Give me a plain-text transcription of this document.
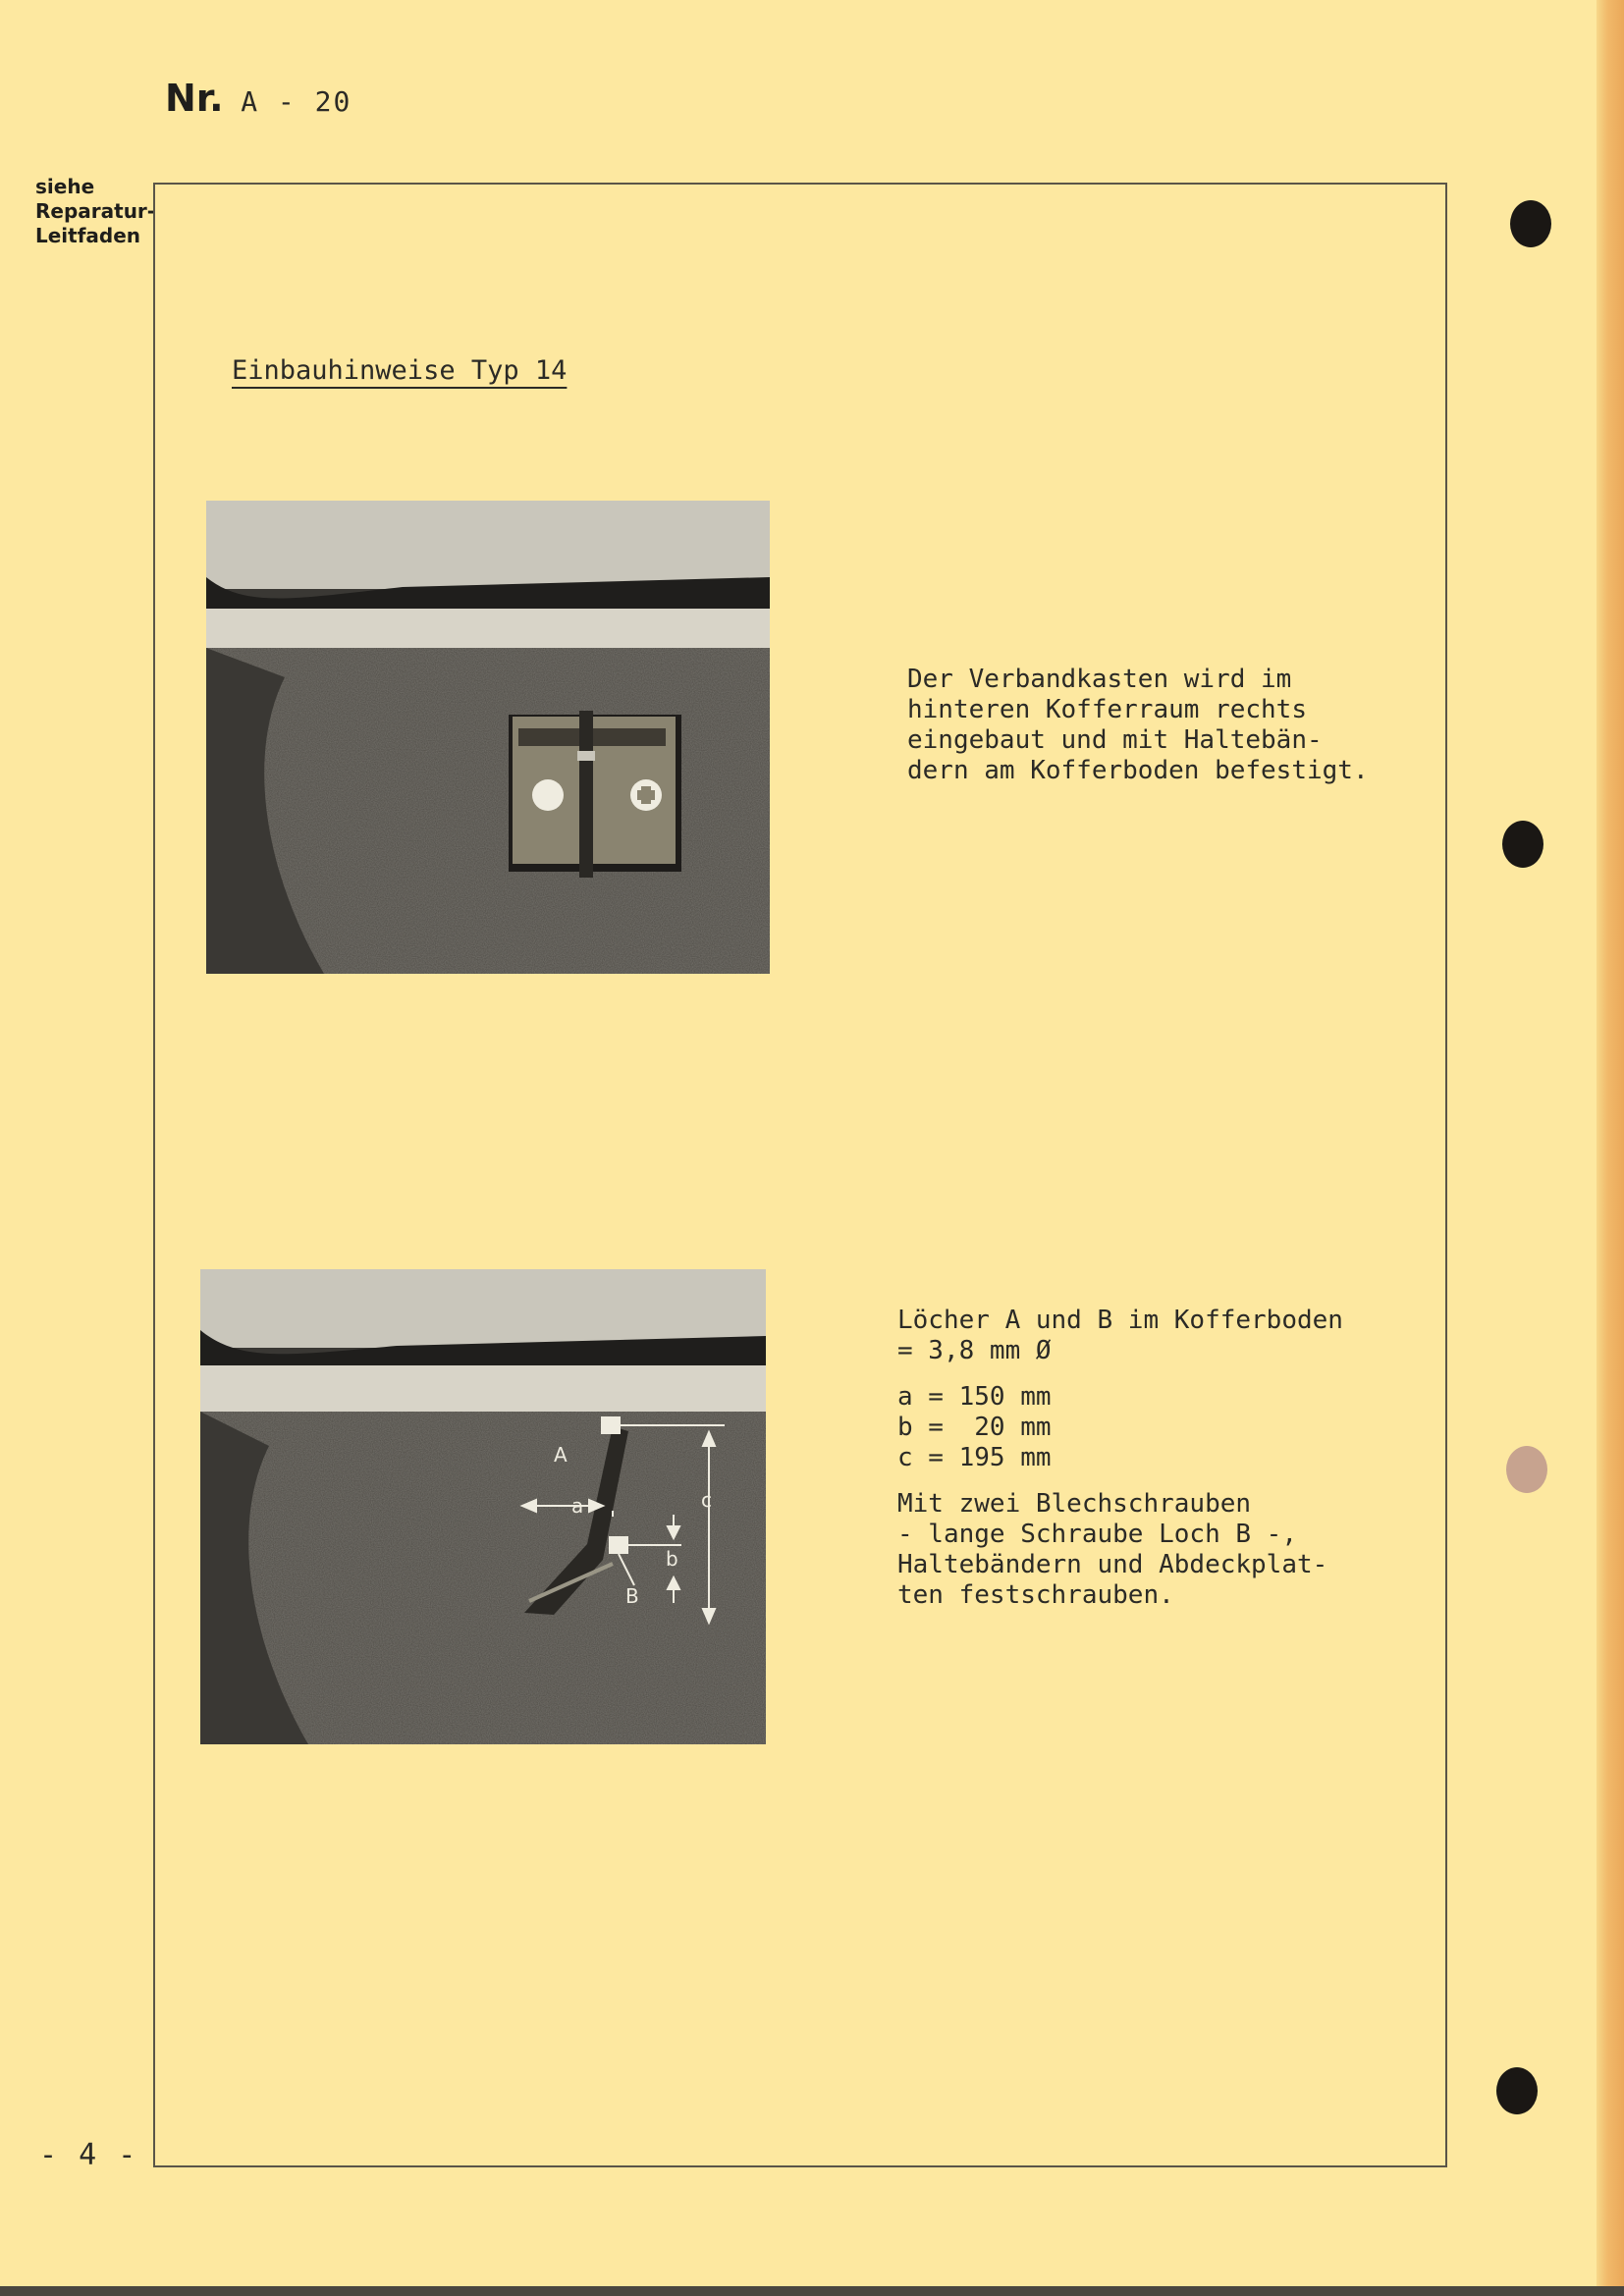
Nr. A - 20
siehe
Reparatur-
Leitfaden
Einbauhinweise Typ 14
Der Verbandkasten wird im
hinteren Kofferraum rechts
eingebaut und mit Haltebän-
dern am Kofferboden befestigt.
A
B
a
b
c
Löcher A und B im Kofferboden
= 3,8 mm Ø
a = 150 mm
b =  20 mm
c = 195 mm
Mit zwei Blechschrauben
- lange Schraube Loch B -,
Haltebändern und Abdeckplat-
ten festschrauben.
- 4 -
